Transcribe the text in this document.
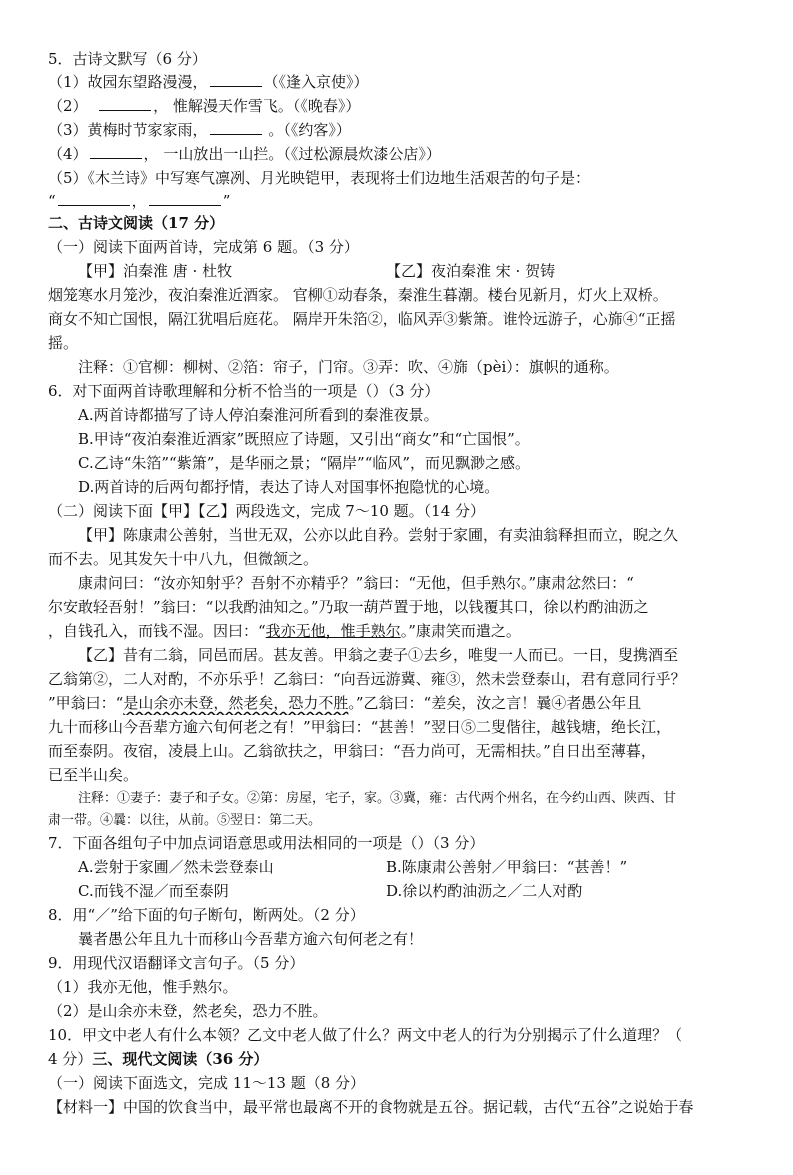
5．古诗文默写（6 分）
（1）故园东望路漫漫，	（《逢入京使》）
（2）	， 惟解漫天作雪飞。（《晚春》）
（3）黄梅时节家家雨，	。（《约客》）
（4）	， 一山放出一山拦。（《过松源晨炊漆公店》）
（5）《木兰诗》中写寒气凛冽、月光映铠甲，表现将士们边地生活艰苦的句子是：
“	，	”
二、古诗文阅读（17 分）
（一）阅读下面两首诗，完成第 6 题。（3 分）
【甲】泊秦淮 唐 · 杜牧	【乙】夜泊秦淮 宋 · 贺铸
烟笼寒水月笼沙，夜泊秦淮近酒家。 官柳①动春条，秦淮生暮潮。楼台见新月，灯火上双桥。
商女不知亡国恨，隔江犹唱后庭花。 隔岸开朱箔②，临风弄③紫箫。谁怜远游子，心旆④“正摇
摇。
注释：①官柳：柳树、②箔：帘子，门帘。③弄：吹、④旆（pèi）：旗帜的通称。
6．对下面两首诗歌理解和分析不恰当的一项是（）（3 分）
A.两首诗都描写了诗人停泊秦淮河所看到的秦淮夜景。
B.甲诗“夜泊秦淮近酒家”既照应了诗题，又引出“商女”和“亡国恨”。
C.乙诗“朱箔”“紫箫”，是华丽之景；“隔岸”“临风”，而见飘渺之感。
D.两首诗的后两句都抒情，表达了诗人对国事怀抱隐忧的心境。
（二）阅读下面【甲】【乙】两段选文，完成 7～10 题。（14 分）
【甲】陈康肃公善射，当世无双，公亦以此自矜。尝射于家圃，有卖油翁释担而立，睨之久
而不去。见其发矢十中八九，但微颔之。
康肃问曰：“汝亦知射乎？吾射不亦精乎？”翁曰：“无他，但手熟尔。”康肃忿然曰：“
尔安敢轻吾射！”翁曰：“以我酌油知之。”乃取一葫芦置于地，以钱覆其口，徐以杓酌油沥之
，自钱孔入，而钱不湿。因曰：“我亦无他，惟手熟尔。”康肃笑而遣之。
【乙】昔有二翁，同邑而居。甚友善。甲翁之妻子①去乡，唯叟一人而已。一日，叟携酒至
乙翁第②，二人对酌，不亦乐乎！乙翁曰：“向吾远游冀、雍③，然未尝登泰山，君有意同行乎？
”甲翁曰：“是山余亦未登，然老矣，恐力不胜。”乙翁曰：“差矣，汝之言！曩④者愚公年且
九十而移山今吾辈方逾六旬何老之有！”甲翁曰：“甚善！”翌日⑤二叟偕往，越钱塘，绝长江，
而至泰阴。夜宿，凌晨上山。乙翁欲扶之，甲翁曰：“吾力尚可，无需相扶。”自日出至薄暮，
已至半山矣。
注释：①妻子：妻子和子女。②第：房屋，宅子，家。③冀，雍：古代两个州名，在今约山西、陕西、甘
肃一带。④曩：以往，从前。⑤翌日：第二天。
7．下面各组句子中加点词语意思或用法相同的一项是（）（3 分）
A.尝射于家圃／然未尝登泰山	B.陈康肃公善射／甲翁曰：“甚善！”
C.而钱不湿／而至泰阴	D.徐以杓酌油沥之／二人对酌
8．用“／”给下面的句子断句，断两处。（2 分）
曩者愚公年且九十而移山今吾辈方逾六旬何老之有！
9．用现代汉语翻译文言句子。（5 分）
（1）我亦无他，惟手熟尔。
（2）是山余亦未登，然老矣，恐力不胜。
10．甲文中老人有什么本领？乙文中老人做了什么？两文中老人的行为分别揭示了什么道理？（
4 分）三、现代文阅读（36 分）
（一）阅读下面选文，完成 11～13 题（8 分）
【材料一】中国的饮食当中，最平常也最离不开的食物就是五谷。据记载，古代“五谷”之说始于春
